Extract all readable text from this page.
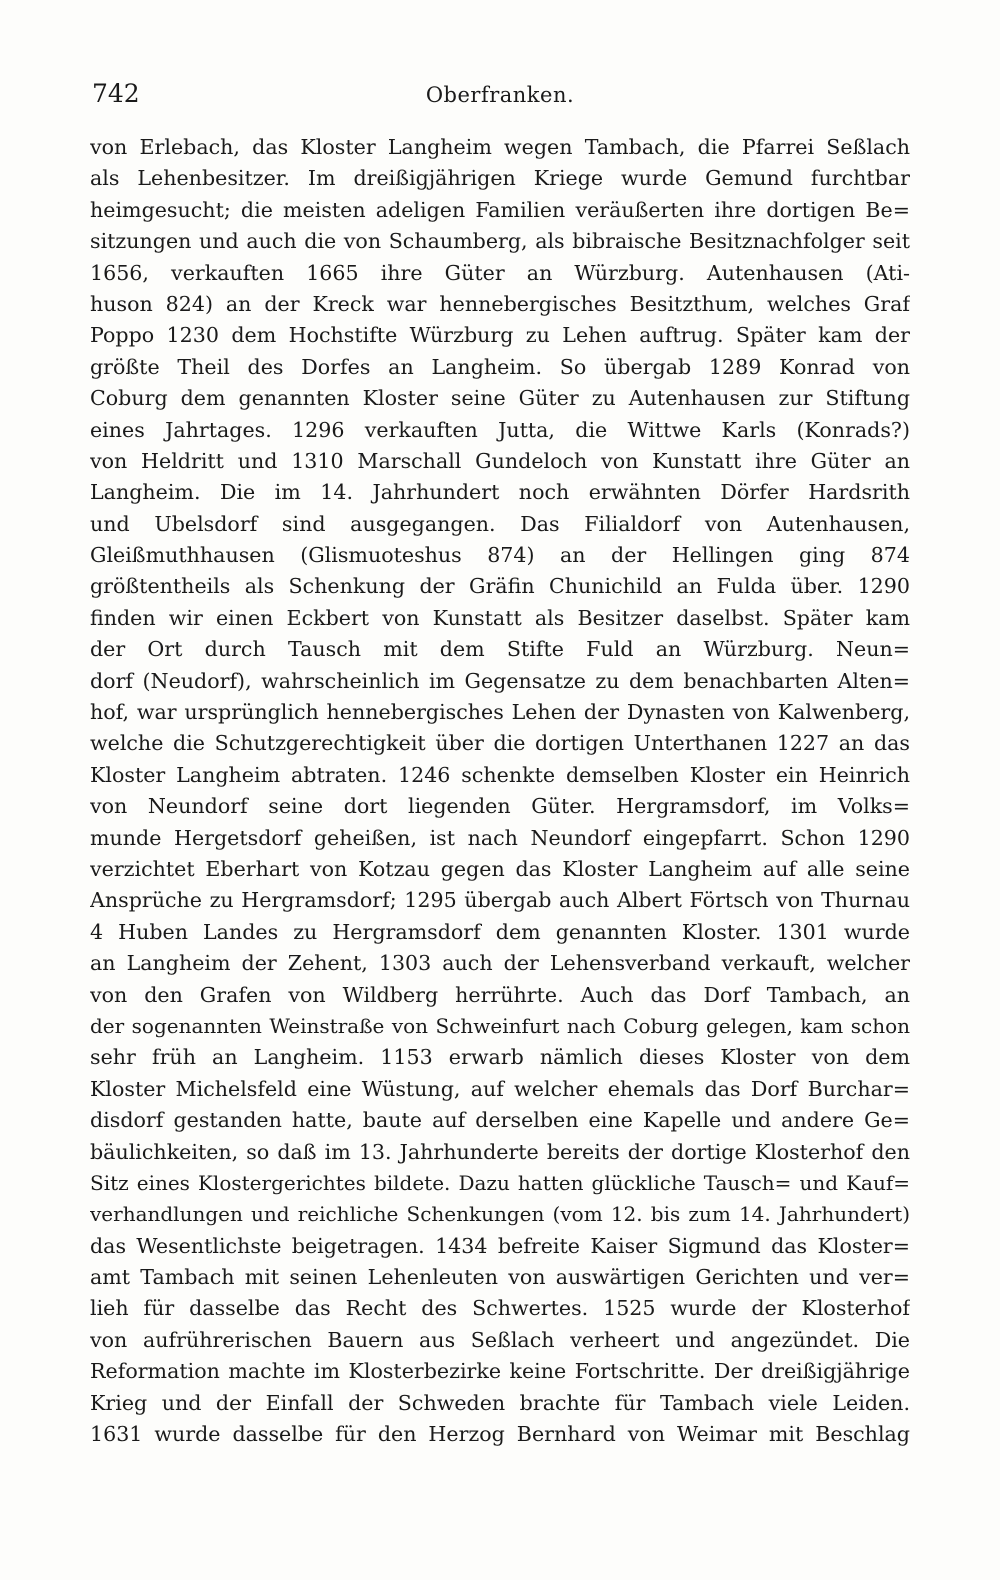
742	Oberfranken.
von Erlebach, das Kloster Langheim wegen Tambach, die Pfarrei Seßlach
als Lehenbesitzer. Im dreißigjährigen Kriege wurde Gemund furchtbar
heimgesucht; die meisten adeligen Familien veräußerten ihre dortigen Be=
sitzungen und auch die von Schaumberg, als bibraische Besitznachfolger seit
1656, verkauften 1665 ihre Güter an Würzburg. Autenhausen (Ati-
huson 824) an der Kreck war hennebergisches Besitzthum, welches Graf
Poppo 1230 dem Hochstifte Würzburg zu Lehen auftrug. Später kam der
größte Theil des Dorfes an Langheim. So übergab 1289 Konrad von
Coburg dem genannten Kloster seine Güter zu Autenhausen zur Stiftung
eines Jahrtages. 1296 verkauften Jutta, die Wittwe Karls (Konrads?)
von Heldritt und 1310 Marschall Gundeloch von Kunstatt ihre Güter an
Langheim. Die im 14. Jahrhundert noch erwähnten Dörfer Hardsrith
und Ubelsdorf sind ausgegangen. Das Filialdorf von Autenhausen,
Gleißmuthhausen (Glismuoteshus 874) an der Hellingen ging 874
größtentheils als Schenkung der Gräfin Chunichild an Fulda über. 1290
finden wir einen Eckbert von Kunstatt als Besitzer daselbst. Später kam
der Ort durch Tausch mit dem Stifte Fuld an Würzburg. Neun=
dorf (Neudorf), wahrscheinlich im Gegensatze zu dem benachbarten Alten=
hof, war ursprünglich hennebergisches Lehen der Dynasten von Kalwenberg,
welche die Schutzgerechtigkeit über die dortigen Unterthanen 1227 an das
Kloster Langheim abtraten. 1246 schenkte demselben Kloster ein Heinrich
von Neundorf seine dort liegenden Güter. Hergramsdorf, im Volks=
munde Hergetsdorf geheißen, ist nach Neundorf eingepfarrt. Schon 1290
verzichtet Eberhart von Kotzau gegen das Kloster Langheim auf alle seine
Ansprüche zu Hergramsdorf; 1295 übergab auch Albert Förtsch von Thurnau
4 Huben Landes zu Hergramsdorf dem genannten Kloster. 1301 wurde
an Langheim der Zehent, 1303 auch der Lehensverband verkauft, welcher
von den Grafen von Wildberg herrührte. Auch das Dorf Tambach, an
der sogenannten Weinstraße von Schweinfurt nach Coburg gelegen, kam schon
sehr früh an Langheim. 1153 erwarb nämlich dieses Kloster von dem
Kloster Michelsfeld eine Wüstung, auf welcher ehemals das Dorf Burchar=
disdorf gestanden hatte, baute auf derselben eine Kapelle und andere Ge=
bäulichkeiten, so daß im 13. Jahrhunderte bereits der dortige Klosterhof den
Sitz eines Klostergerichtes bildete. Dazu hatten glückliche Tausch= und Kauf=
verhandlungen und reichliche Schenkungen (vom 12. bis zum 14. Jahrhundert)
das Wesentlichste beigetragen. 1434 befreite Kaiser Sigmund das Kloster=
amt Tambach mit seinen Lehenleuten von auswärtigen Gerichten und ver=
lieh für dasselbe das Recht des Schwertes. 1525 wurde der Klosterhof
von aufrührerischen Bauern aus Seßlach verheert und angezündet. Die
Reformation machte im Klosterbezirke keine Fortschritte. Der dreißigjährige
Krieg und der Einfall der Schweden brachte für Tambach viele Leiden.
1631 wurde dasselbe für den Herzog Bernhard von Weimar mit Beschlag
